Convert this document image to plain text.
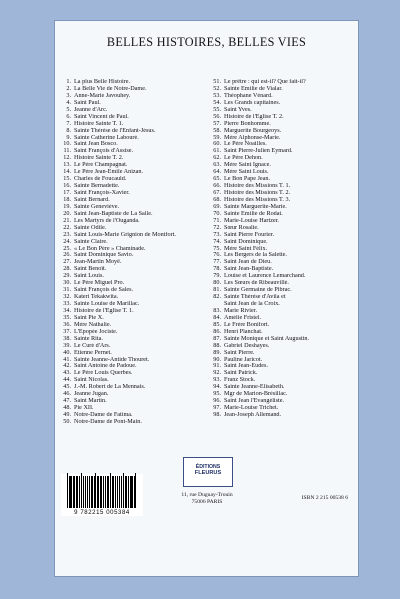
BELLES HISTOIRES, BELLES VIES
1. La plus Belle Histoire.
2. La Belle Vie de Notre-Dame.
3. Anne-Marie Javouhey.
4. Saint Paul.
5. Jeanne d'Arc.
6. Saint Vincent de Paul.
7. Histoire Sainte T. 1.
8. Sainte Thérèse de l'Enfant-Jésus.
9. Sainte Catherine Labouré.
10. Saint Jean Bosco.
11. Saint François d'Assise.
12. Histoire Sainte T. 2.
13. Le Père Champagnat.
14. Le Père Jean-Émile Anizan.
15. Charles de Foucauld.
16. Sainte Bernadette.
17. Saint François-Xavier.
18. Saint Bernard.
19. Sainte Geneviève.
20. Saint Jean-Baptiste de La Salle.
21. Les Martyrs de l'Ouganda.
22. Sainte Odile.
23. Saint Louis-Marie Grignion de Montfort.
24. Sainte Claire.
25. « Le Bon Père » Chaminade.
26. Saint Dominique Savio.
27. Jean-Martin Moyë.
28. Saint Benoît.
29. Saint Louis.
30. Le Père Miguel Pro.
31. Saint François de Sales.
32. Kateri Tekakwita.
33. Sainte Louise de Marillac.
34. Histoire de l'Église T. 1.
35. Saint Pie X.
36. Mère Nathalie.
37. L'Épopée Jociste.
38. Sainte Rita.
39. Le Curé d'Ars.
40. Étienne Pernet.
41. Sainte Jeanne-Antide Thouret.
42. Saint Antoine de Padoue.
43. Le Père Louis Querbes.
44. Saint Nicolas.
45. J.-M. Robert de La Mennais.
46. Jeanne Jugan.
47. Saint Martin.
48. Pie XII.
49. Notre-Dame de Fatima.
50. Notre-Dame de Pont-Main.
51. Le prêtre : qui est-il? Que fait-il?
52. Sainte Émilie de Vialar.
53. Théophane Vénard.
54. Les Grands capitaines.
55. Saint Yves.
56. Histoire de l'Église T. 2.
57. Pierre Bonhomme.
58. Marguerite Bourgeoys.
59. Mère Alphonse-Marie.
60. Le Père Noailles.
61. Saint Pierre-Julien Eymard.
62. Le Père Dehon.
63. Mère Saint Ignace.
64. Mère Saint Louis.
65. Le Bon Pape Jean.
66. Histoire des Missions T. 1.
67. Histoire des Missions T. 2.
68. Histoire des Missions T. 3.
69. Sainte Marguerite-Marie.
70. Sainte Émilie de Rodat.
71. Marie-Louise Hartzer.
72. Sœur Rosalie.
73. Saint Pierre Fourier.
74. Saint Dominique.
75. Mère Saint Félix.
76. Les Bergers de la Salette.
77. Saint Jean de Dieu.
78. Saint Jean-Baptiste.
79. Louise et Laurence Lemarchand.
80. Les Sœurs de Ribeauvillé.
81. Sainte Germaine de Pibrac.
82. Sainte Thérèse d'Avila et
Saint Jean de la Croix.
83. Marie Rivier.
84. Amélie Fristel.
85. Le Frère Bonifort.
86. Henri Planchat.
87. Sainte Monique et Saint Augustin.
88. Gabriel Deshayes.
89. Saint Pierre.
90. Pauline Jaricot.
91. Saint Jean-Eudes.
92. Saint Patrick.
93. Franz Stock.
94. Sainte Jeanne-Élisabeth.
95. Mgr de Marion-Brésillac.
96. Saint Jean l'Évangéliste.
97. Marie-Louise Trichet.
98. Jean-Joseph Allemand.
9 782215 005384
ÉDITIONS
FLEURUS
11, rue Duguay-Trouin
75006 PARIS
ISBN 2 215 00538 6
